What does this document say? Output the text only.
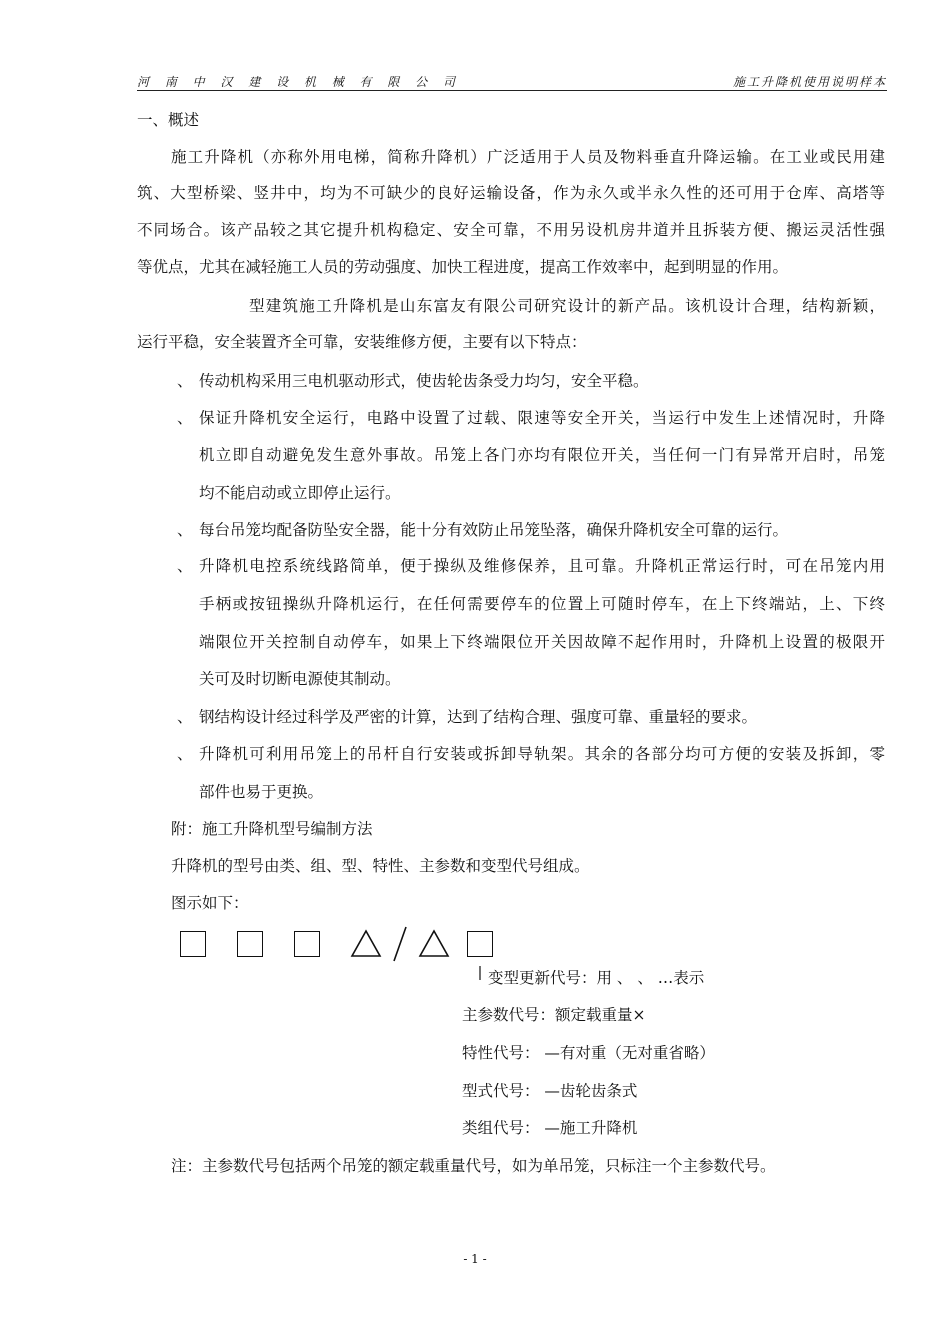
河 南 中 汉 建 设 机 械 有 限 公 司	施工升降机使用说明样本
一、概述
施工升降机（亦称外用电梯，简称升降机）广泛适用于人员及物料垂直升降运输。在工业或民用建
筑、大型桥梁、竖井中，均为不可缺少的良好运输设备，作为永久或半永久性的还可用于仓库、高塔等
不同场合。该产品较之其它提升机构稳定、安全可靠，不用另设机房井道并且拆装方便、搬运灵活性强
等优点，尤其在减轻施工人员的劳动强度、加快工程进度，提高工作效率中，起到明显的作用。
型建筑施工升降机是山东富友有限公司研究设计的新产品。该机设计合理，结构新颖，
运行平稳，安全装置齐全可靠，安装维修方便，主要有以下特点：
、 传动机构采用三电机驱动形式，使齿轮齿条受力均匀，安全平稳。
、 保证升降机安全运行，电路中设置了过载、限速等安全开关，当运行中发生上述情况时，升降
机立即自动避免发生意外事故。吊笼上各门亦均有限位开关，当任何一门有异常开启时，吊笼
均不能启动或立即停止运行。
、 每台吊笼均配备防坠安全器，能十分有效防止吊笼坠落，确保升降机安全可靠的运行。
、 升降机电控系统线路简单，便于操纵及维修保养，且可靠。升降机正常运行时，可在吊笼内用
手柄或按钮操纵升降机运行，在任何需要停车的位置上可随时停车，在上下终端站，上、下终
端限位开关控制自动停车，如果上下终端限位开关因故障不起作用时，升降机上设置的极限开
关可及时切断电源使其制动。
、 钢结构设计经过科学及严密的计算，达到了结构合理、强度可靠、重量轻的要求。
、 升降机可利用吊笼上的吊杆自行安装或拆卸导轨架。其余的各部分均可方便的安装及拆卸，零
部件也易于更换。
附：施工升降机型号编制方法
升降机的型号由类、组、型、特性、主参数和变型代号组成。
图示如下：
变型更新代号：用 、 、 …表示
主参数代号：额定载重量×
特性代号： —有对重（无对重省略）
型式代号： —齿轮齿条式
类组代号： —施工升降机
注：主参数代号包括两个吊笼的额定载重量代号，如为单吊笼，只标注一个主参数代号。
- 1 -
